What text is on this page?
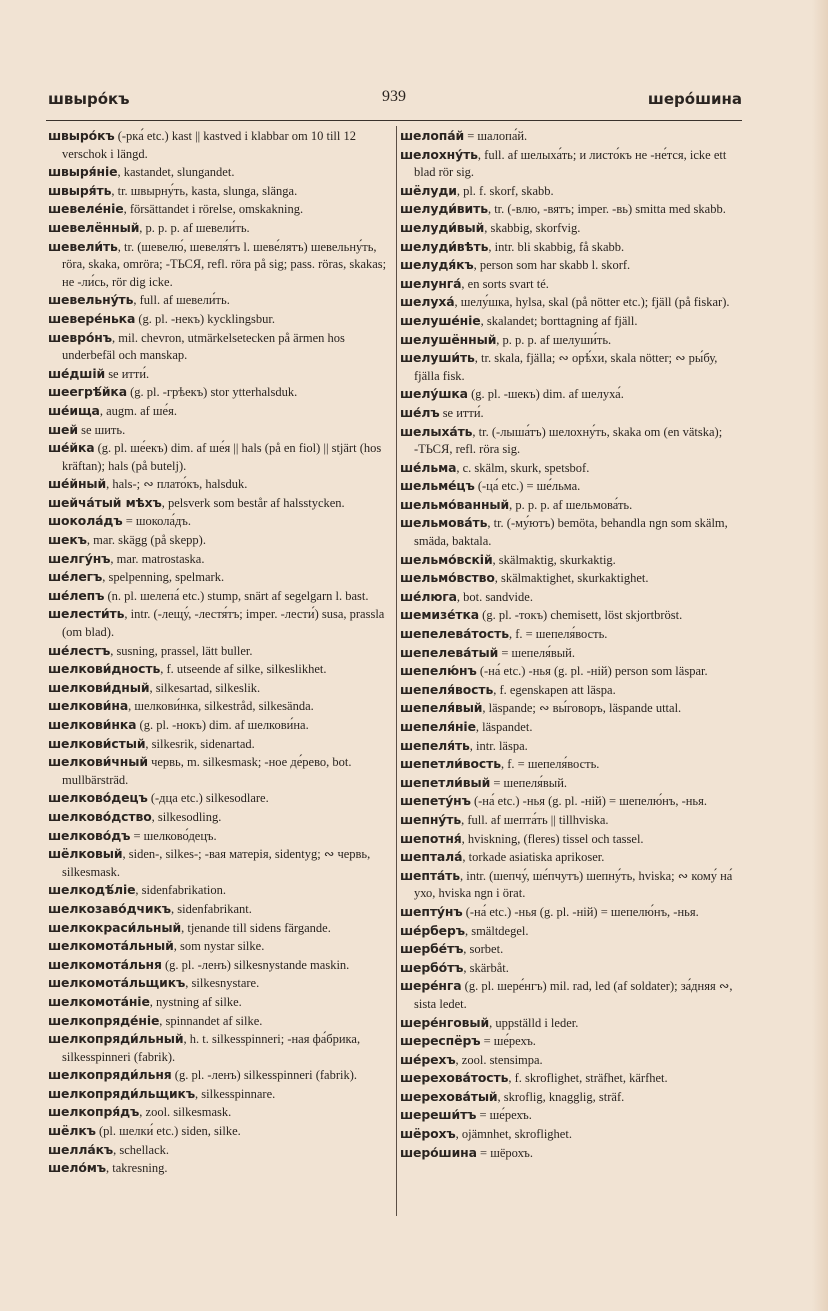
швыро́къ	939	шеро́шина

швыро́къ (-рка́ etc.) kast || kastved i klabbar om 10 till 12 verschok i längd.

швыря́ніе, kastandet, slungandet.

швыря́ть, tr. швырну́ть, kasta, slunga, slänga.

шевеле́ніе, försättandet i rörelse, omskakning.

шевелённый, p. p. p. af шевели́ть.

шевели́ть, tr. (шевелю́, шевеля́тъ l. шеве́лятъ) шевельну́ть, röra, skaka, omröra; -ТЬСЯ, refl. röra på sig; pass. röras, skakas; не -ли́сь, rör dig icke.

шевельну́ть, full. af шевели́ть.

шевере́нька (g. pl. -некъ) kycklingsbur.

шевро́нъ, mil. chevron, utmärkelsetecken på ärmen hos underbefäl och manskap.

ше́дшій se итти́.

шеегрѣ́йка (g. pl. -грѣекъ) stor ytterhalsduk.

ше́ища, augm. af ше́я.

шей se шить.

ше́йка (g. pl. ше́екъ) dim. af ше́я || hals (på en fiol) || stjärt (hos kräftan); hals (på butelj).

ше́йный, hals-; ∾ плато́къ, halsduk.

шейча́тый мѣхъ, pelsverk som består af halsstycken.

шокола́дъ = шокола́дъ.

шекъ, mar. skägg (på skepp).

шелгу́нъ, mar. matrostaska.

ше́легъ, spelpenning, spelmark.

ше́лепъ (n. pl. шелепа́ etc.) stump, snärt af segelgarn l. bast.

шелести́ть, intr. (-лещу́, -лестя́тъ; imper. -лести́) susa, prassla (om blad).

ше́лестъ, susning, prassel, lätt buller.

шелкови́дность, f. utseende af silke, silkeslikhet.

шелкови́дный, silkesartad, silkeslik.

шелкови́на, шелкови́нка, silkestråd, silkesända.

шелкови́нка (g. pl. -нокъ) dim. af шелкови́на.

шелкови́стый, silkesrik, sidenartad.

шелкови́чный червь, m. silkesmask; -ное де́рево, bot. mullbärsträd.

шелково́децъ (-дца etc.) silkesodlare.

шелково́дство, silkesodling.

шелково́дъ = шелково́децъ.

шёлковый, siden-, silkes-; -вая матерія, sidentyg; ∾ червь, silkesmask.

шелкодѣ́ліе, sidenfabrikation.

шелкозаво́дчикъ, sidenfabrikant.

шелкокраси́льный, tjenande till sidens färgande.

шелкомота́льный, som nystar silke.

шелкомота́льня (g. pl. -ленъ) silkesnystande maskin.

шелкомота́льщикъ, silkesnystare.

шелкомота́ніе, nystning af silke.

шелкопряде́ніе, spinnandet af silke.

шелкопряди́льный, h. t. silkesspinneri; -ная фа́брика, silkesspinneri (fabrik).

шелкопряди́льня (g. pl. -ленъ) silkesspinneri (fabrik).

шелкопряди́льщикъ, silkesspinnare.

шелкопря́дъ, zool. silkesmask.

шёлкъ (pl. шелки́ etc.) siden, silke.

шелла́къ, schellack.

шело́мъ, takresning.

шелопа́й = шалопа́й.

шелохну́ть, full. af шелыха́ть; и листо́къ не -не́тся, icke ett blad rör sig.

шёлуди, pl. f. skorf, skabb.

шелуди́вить, tr. (-влю, -вятъ; imper. -вь) smitta med skabb.

шелуди́вый, skabbig, skorfvig.

шелуди́вѣть, intr. bli skabbig, få skabb.

шелудя́къ, person som har skabb l. skorf.

шелунга́, en sorts svart té.

шелуха́, шелу́шка, hylsa, skal (på nötter etc.); fjäll (på fiskar).

шелуше́ніе, skalandet; borttagning af fjäll.

шелушённый, p. p. p. af шелуши́ть.

шелуши́ть, tr. skala, fjälla; ∾ орѣ́хи, skala nötter; ∾ ры́бу, fjälla fisk.

шелу́шка (g. pl. -шекъ) dim. af шелуха́.

ше́лъ se итти́.

шелыха́ть, tr. (-лыша́тъ) шелохну́ть, skaka om (en vätska); -ТЬСЯ, refl. röra sig.

ше́льма, c. skälm, skurk, spetsbof.

шельме́цъ (-ца́ etc.) = ше́льма.

шельмо́ванный, p. p. p. af шельмова́ть.

шельмова́ть, tr. (-му́ютъ) bemöta, behandla ngn som skälm, smäda, baktala.

шельмо́вскій, skälmaktig, skurkaktig.

шельмо́вство, skälmaktighet, skurkaktighet.

ше́люга, bot. sandvide.

шемизе́тка (g. pl. -токъ) chemisett, löst skjortbröst.

шепелева́тость, f. = шепеля́вость.

шепелева́тый = шепеля́вый.

шепелю́нъ (-на́ etc.) -нья (g. pl. -ній) person som läspar.

шепеля́вость, f. egenskapen att läspa.

шепеля́вый, läspande; ∾ вы́говоръ, läspande uttal.

шепеля́ніе, läspandet.

шепеля́ть, intr. läspa.

шепетли́вость, f. = шепеля́вость.

шепетли́вый = шепеля́вый.

шепету́нъ (-на́ etc.) -нья (g. pl. -ній) = шепелю́нъ, -нья.

шепну́ть, full. af шепта́ть || tillhviska.

шепотня́, hviskning, (fleres) tissel och tassel.

шептала́, torkade asiatiska aprikoser.

шепта́ть, intr. (шепчу́, ше́пчутъ) шепну́ть, hviska; ∾ кому́ на́ ухо, hviska ngn i örat.

шепту́нъ (-на́ etc.) -нья (g. pl. -ній) = шепелю́нъ, -нья.

ше́рберъ, smältdegel.

шербе́тъ, sorbet.

шербо́тъ, skärbåt.

шере́нга (g. pl. шере́нгъ) mil. rad, led (af soldater); за́дняя ∾, sista ledet.

шере́нговый, uppställd i leder.

шереспёръ = ше́рехъ.

ше́рехъ, zool. stensimpa.

шерехова́тость, f. skroflighet, sträfhet, kärfhet.

шерехова́тый, skroflig, knagglig, sträf.

шереши́тъ = ше́рехъ.

шёрохъ, ojämnhet, skroflighet.

шеро́шина = шёрохъ.
